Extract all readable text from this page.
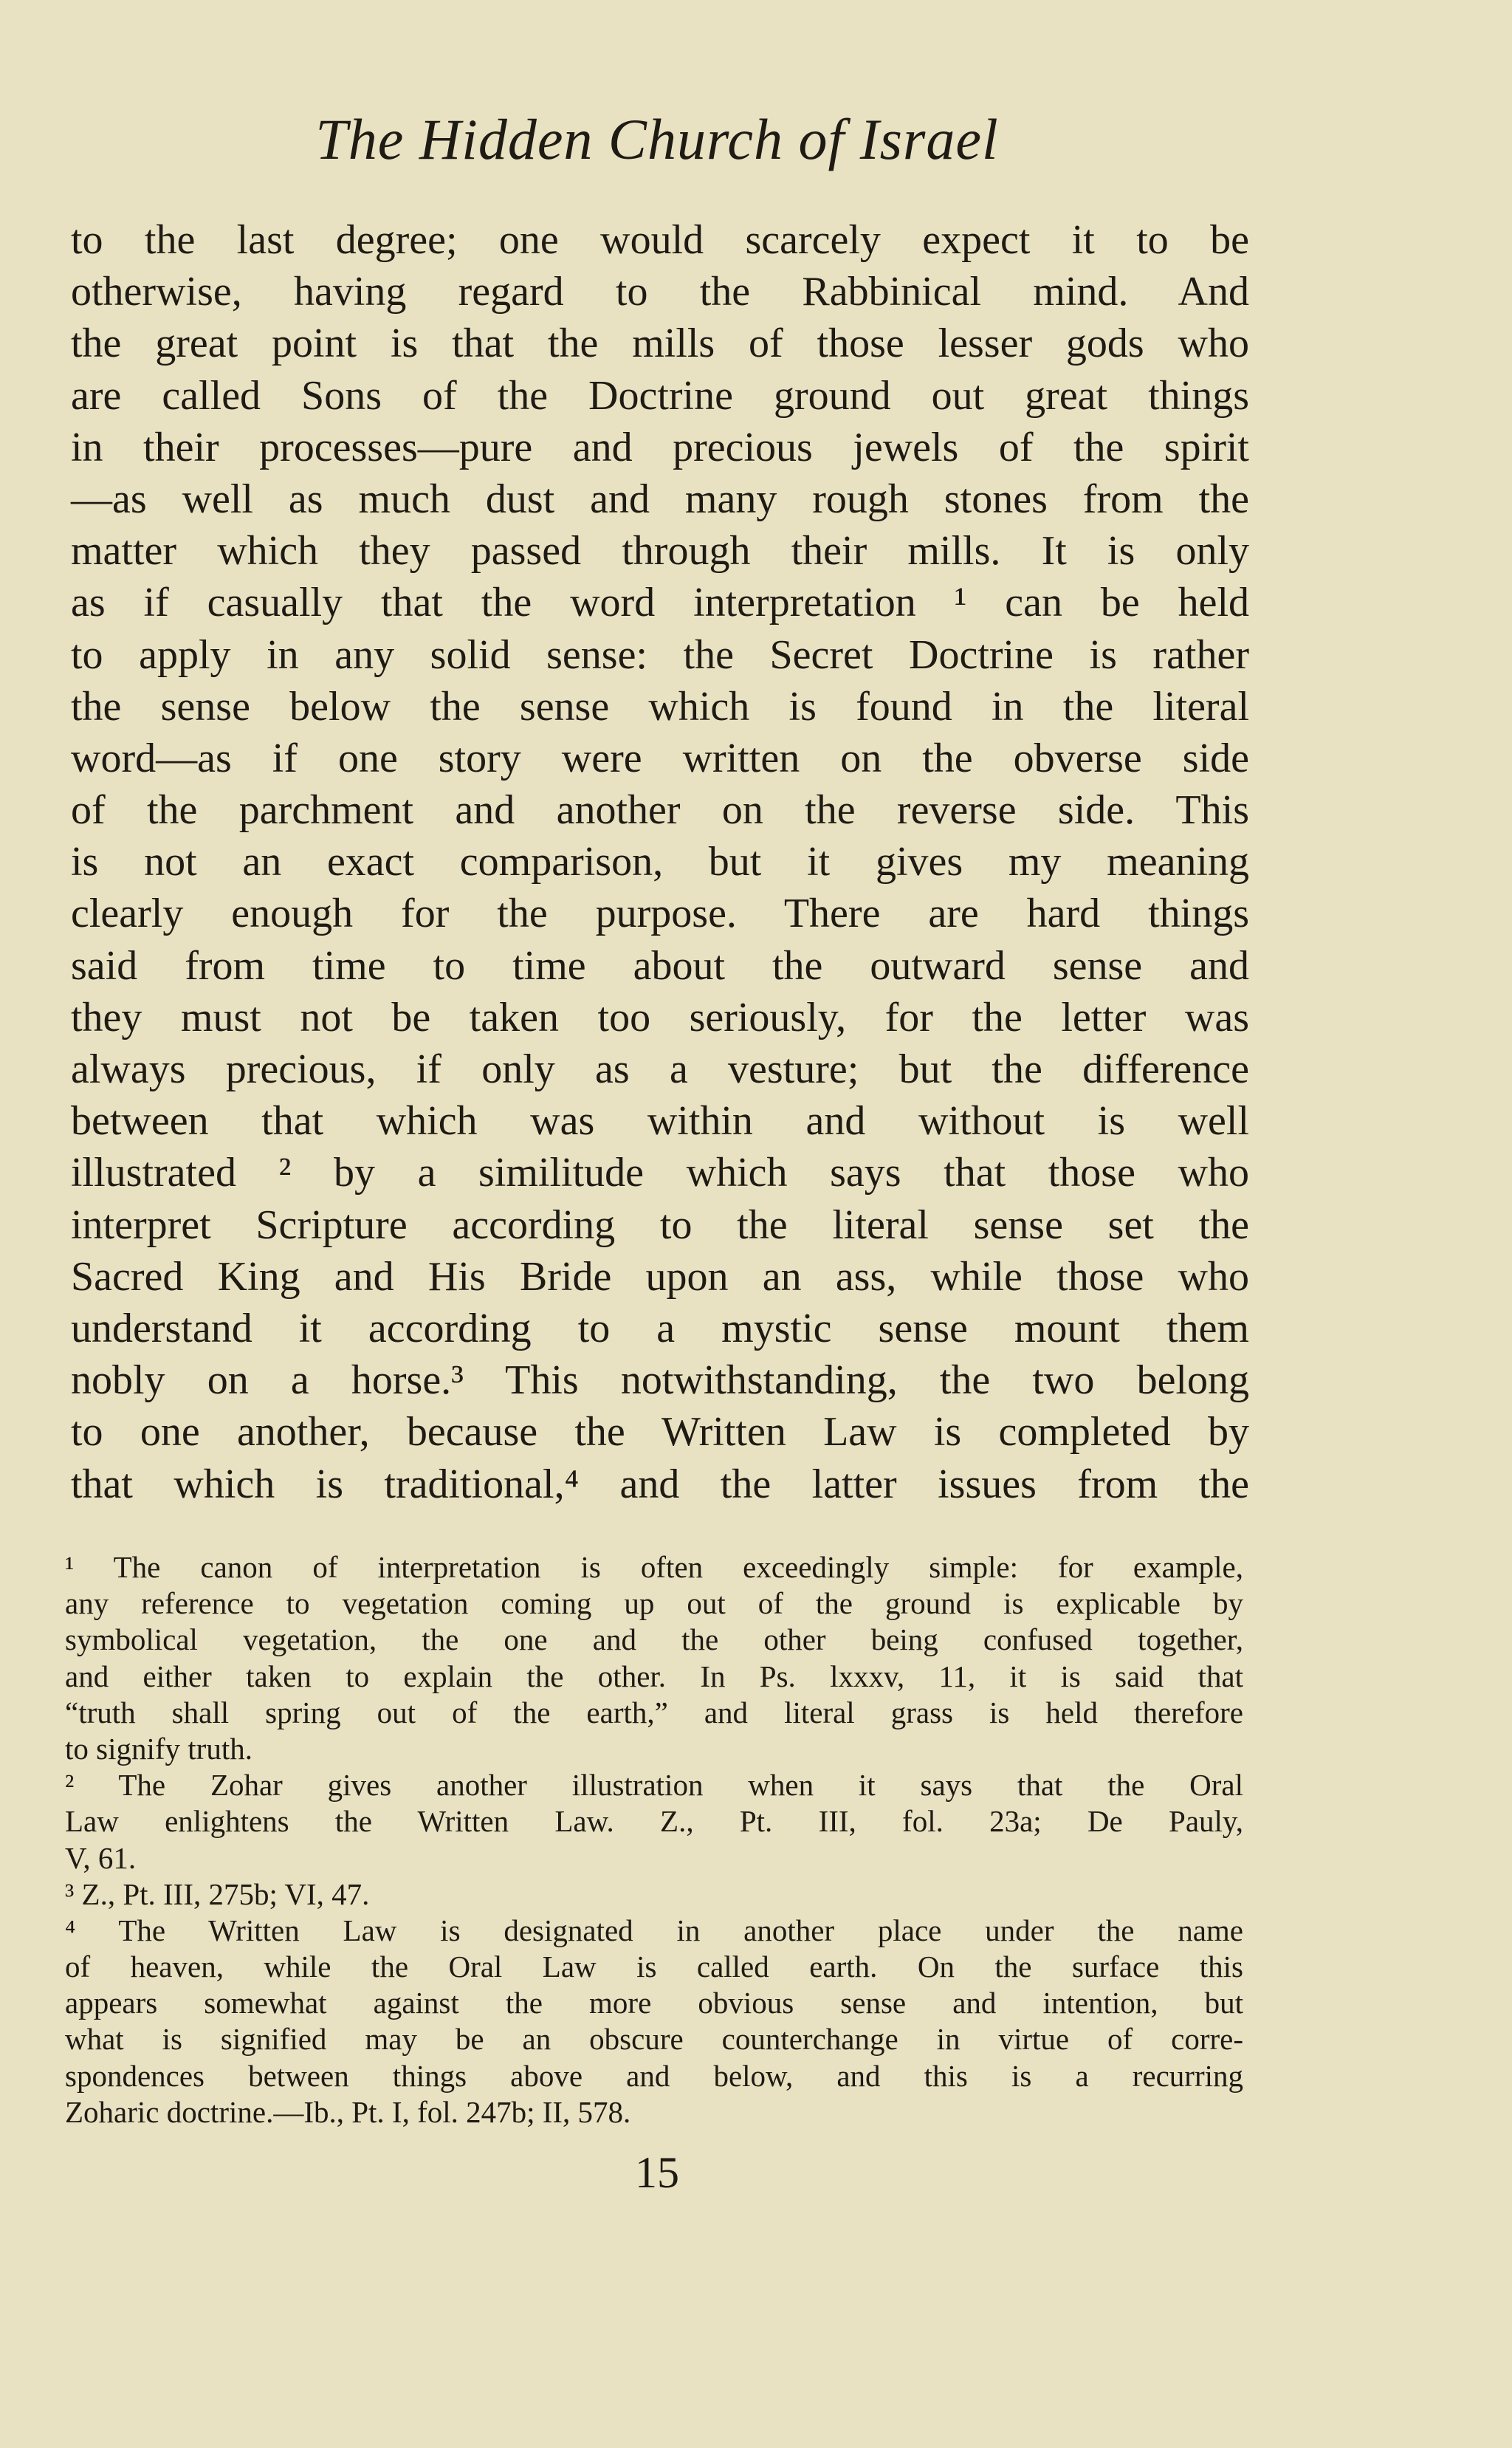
The Hidden Church of Israel
to the last degree; one would scarcely expect it to be
otherwise, having regard to the Rabbinical mind. And
the great point is that the mills of those lesser gods who
are called Sons of the Doctrine ground out great things
in their processes—pure and precious jewels of the spirit
—as well as much dust and many rough stones from the
matter which they passed through their mills. It is only
as if casually that the word interpretation ¹ can be held
to apply in any solid sense: the Secret Doctrine is rather
the sense below the sense which is found in the literal
word—as if one story were written on the obverse side
of the parchment and another on the reverse side. This
is not an exact comparison, but it gives my meaning
clearly enough for the purpose. There are hard things
said from time to time about the outward sense and
they must not be taken too seriously, for the letter was
always precious, if only as a vesture; but the difference
between that which was within and without is well
illustrated ² by a similitude which says that those who
interpret Scripture according to the literal sense set the
Sacred King and His Bride upon an ass, while those who
understand it according to a mystic sense mount them
nobly on a horse.³ This notwithstanding, the two belong
to one another, because the Written Law is completed by
that which is traditional,⁴ and the latter issues from the
¹ The canon of interpretation is often exceedingly simple: for example,
any reference to vegetation coming up out of the ground is explicable by
symbolical vegetation, the one and the other being confused together,
and either taken to explain the other. In Ps. lxxxv, 11, it is said that
“truth shall spring out of the earth,” and literal grass is held therefore
to signify truth.
² The Zohar gives another illustration when it says that the Oral
Law enlightens the Written Law. Z., Pt. III, fol. 23a; De Pauly,
V, 61.
³ Z., Pt. III, 275b; VI, 47.
⁴ The Written Law is designated in another place under the name
of heaven, while the Oral Law is called earth. On the surface this
appears somewhat against the more obvious sense and intention, but
what is signified may be an obscure counterchange in virtue of corre-
spondences between things above and below, and this is a recurring
Zoharic doctrine.—Ib., Pt. I, fol. 247b; II, 578.
15
